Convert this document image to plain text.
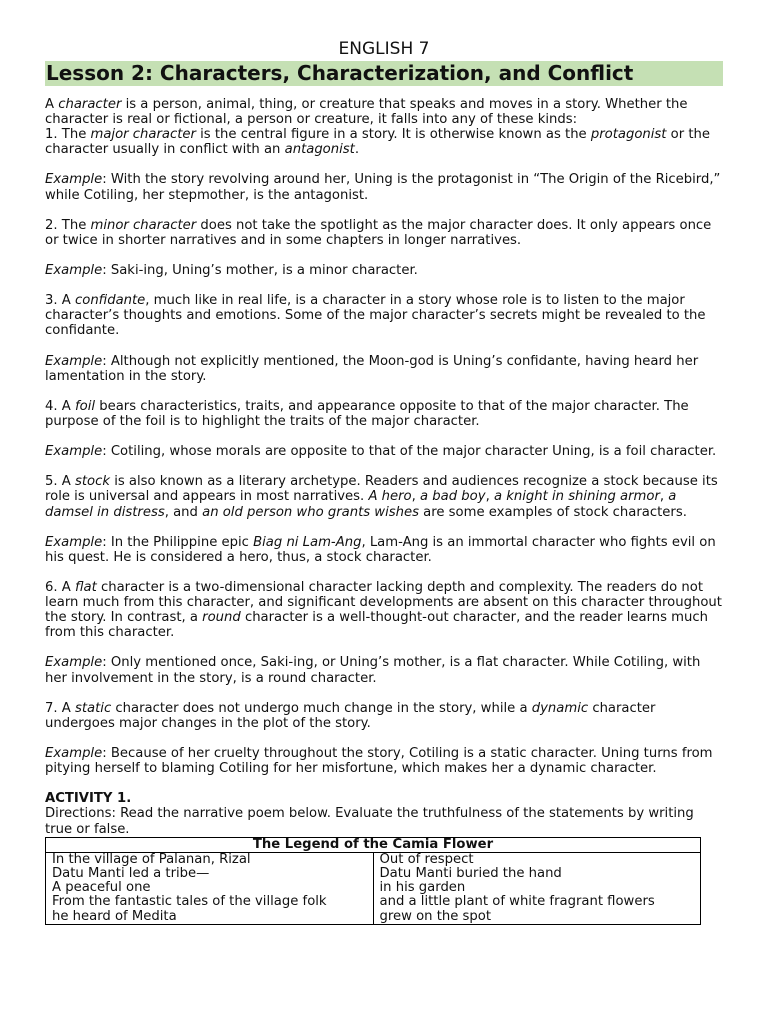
ENGLISH 7

Lesson 2: Characters, Characterization, and Conflict
A character is a person, animal, thing, or creature that speaks and moves in a story. Whether the character is real or fictional, a person or creature, it falls into any of these kinds:

1. The major character is the central figure in a story. It is otherwise known as the protagonist or the character usually in conflict with an antagonist.

Example: With the story revolving around her, Uning is the protagonist in “The Origin of the Ricebird,” while Cotiling, her stepmother, is the antagonist.

2. The minor character does not take the spotlight as the major character does. It only appears once or twice in shorter narratives and in some chapters in longer narratives.

Example: Saki-ing, Uning’s mother, is a minor character.

3. A confidante, much like in real life, is a character in a story whose role is to listen to the major character’s thoughts and emotions. Some of the major character’s secrets might be revealed to the confidante.

Example: Although not explicitly mentioned, the Moon-god is Uning’s confidante, having heard her lamentation in the story.

4. A foil bears characteristics, traits, and appearance opposite to that of the major character. The purpose of the foil is to highlight the traits of the major character.

Example: Cotiling, whose morals are opposite to that of the major character Uning, is a foil character.

5. A stock is also known as a literary archetype. Readers and audiences recognize a stock because its role is universal and appears in most narratives. A hero, a bad boy, a knight in shining armor, a damsel in distress, and an old person who grants wishes are some examples of stock characters.

Example: In the Philippine epic Biag ni Lam-Ang, Lam-Ang is an immortal character who fights evil on his quest. He is considered a hero, thus, a stock character.

6. A flat character is a two-dimensional character lacking depth and complexity. The readers do not learn much from this character, and significant developments are absent on this character throughout the story. In contrast, a round character is a well-thought-out character, and the reader learns much from this character.

Example: Only mentioned once, Saki-ing, or Uning’s mother, is a flat character. While Cotiling, with her involvement in the story, is a round character.

7. A static character does not undergo much change in the story, while a dynamic character undergoes major changes in the plot of the story.

Example: Because of her cruelty throughout the story, Cotiling is a static character. Uning turns from pitying herself to blaming Cotiling for her misfortune, which makes her a dynamic character.

ACTIVITY 1.
Directions: Read the narrative poem below. Evaluate the truthfulness of the statements by writing true or false.
The Legend of the Camia Flower

In the village of Palanan, Rizal
Datu Manti led a tribe—
A peaceful one
From the fantastic tales of the village folk
he heard of Medita

Out of respect
Datu Manti buried the hand
in his garden
and a little plant of white fragrant flowers
grew on the spot
